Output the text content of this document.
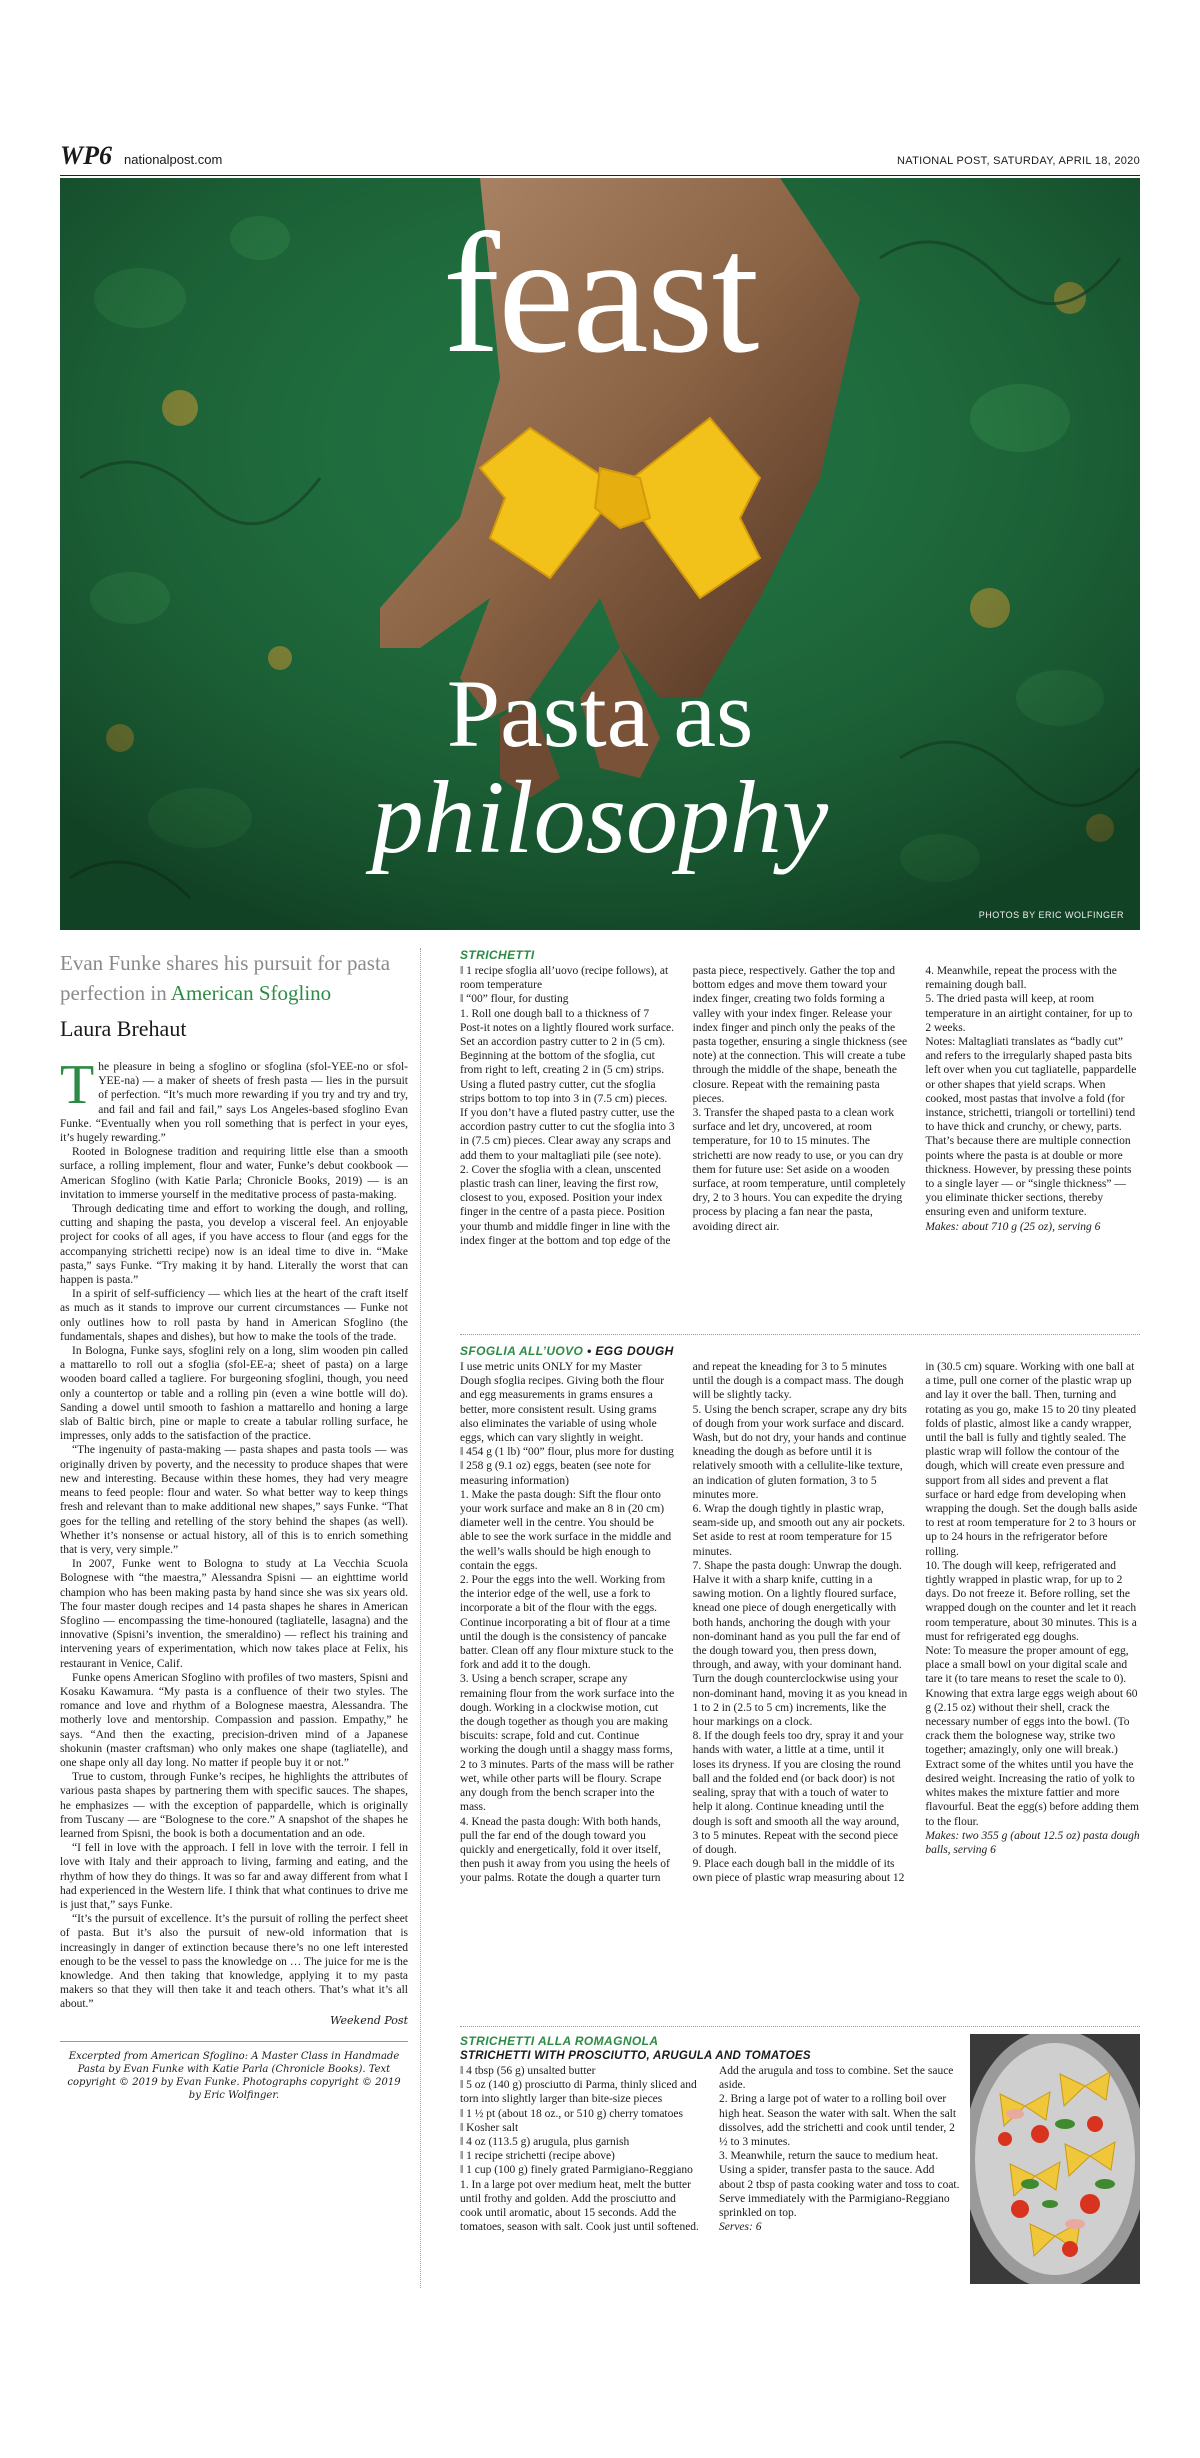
WP6 nationalpost.com	NATIONAL POST, SATURDAY, APRIL 18, 2020
feast
Pasta as
philosophy
PHOTOS BY ERIC WOLFINGER
Evan Funke shares his pursuit for pasta perfection in American Sfoglino
Laura Brehaut

The pleasure in being a sfoglino or sfoglina (sfol-YEE-no or sfol-YEE-na) — a maker of sheets of fresh pasta — lies in the pursuit of perfection. “It’s much more rewarding if you try and try and try, and fail and fail and fail,” says Los Angeles-based sfoglino Evan Funke. “Eventually when you roll something that is perfect in your eyes, it’s hugely rewarding.”

Rooted in Bolognese tradition and requiring little else than a smooth surface, a rolling implement, flour and water, Funke’s debut cookbook — American Sfoglino (with Katie Parla; Chronicle Books, 2019) — is an invitation to immerse yourself in the meditative process of pasta-making.

Through dedicating time and effort to working the dough, and rolling, cutting and shaping the pasta, you develop a visceral feel. An enjoyable project for cooks of all ages, if you have access to flour (and eggs for the accompanying strichetti recipe) now is an ideal time to dive in. “Make pasta,” says Funke. “Try making it by hand. Literally the worst that can happen is pasta.”

In a spirit of self-sufficiency — which lies at the heart of the craft itself as much as it stands to improve our current circumstances — Funke not only outlines how to roll pasta by hand in American Sfoglino (the fundamentals, shapes and dishes), but how to make the tools of the trade.

In Bologna, Funke says, sfoglini rely on a long, slim wooden pin called a mattarello to roll out a sfoglia (sfol-EE-a; sheet of pasta) on a large wooden board called a tagliere. For burgeoning sfoglini, though, you need only a countertop or table and a rolling pin (even a wine bottle will do). Sanding a dowel until smooth to fashion a mattarello and honing a large slab of Baltic birch, pine or maple to create a tabular rolling surface, he impresses, only adds to the satisfaction of the practice.

“The ingenuity of pasta-making — pasta shapes and pasta tools — was originally driven by poverty, and the necessity to produce shapes that were new and interesting. Because within these homes, they had very meagre means to feed people: flour and water. So what better way to keep things fresh and relevant than to make additional new shapes,” says Funke. “That goes for the telling and retelling of the story behind the shapes (as well). Whether it’s nonsense or actual history, all of this is to enrich something that is very, very simple.”

In 2007, Funke went to Bologna to study at La Vecchia Scuola Bolognese with “the maestra,” Alessandra Spisni — an eighttime world champion who has been making pasta by hand since she was six years old. The four master dough recipes and 14 pasta shapes he shares in American Sfoglino — encompassing the time-honoured (tagliatelle, lasagna) and the innovative (Spisni’s invention, the smeraldino) — reflect his training and intervening years of experimentation, which now takes place at Felix, his restaurant in Venice, Calif.

Funke opens American Sfoglino with profiles of two masters, Spisni and Kosaku Kawamura. “My pasta is a confluence of their two styles. The romance and love and rhythm of a Bolognese maestra, Alessandra. The motherly love and mentorship. Compassion and passion. Empathy,” he says. “And then the exacting, precision-driven mind of a Japanese shokunin (master craftsman) who only makes one shape (tagliatelle), and one shape only all day long. No matter if people buy it or not.”

True to custom, through Funke’s recipes, he highlights the attributes of various pasta shapes by partnering them with specific sauces. The shapes, he emphasizes — with the exception of pappardelle, which is originally from Tuscany — are “Bolognese to the core.” A snapshot of the shapes he learned from Spisni, the book is both a documentation and an ode.

“I fell in love with the approach. I fell in love with the terroir. I fell in love with Italy and their approach to living, farming and eating, and the rhythm of how they do things. It was so far and away different from what I had experienced in the Western life. I think that what continues to drive me is just that,” says Funke.

“It’s the pursuit of excellence. It’s the pursuit of rolling the perfect sheet of pasta. But it’s also the pursuit of new-old information that is increasingly in danger of extinction because there’s no one left interested enough to be the vessel to pass the knowledge on … The juice for me is the knowledge. And then taking that knowledge, applying it to my pasta makers so that they will then take it and teach others. That’s what it’s all about.”

Weekend Post
Excerpted from American Sfoglino: A Master Class in Handmade Pasta by Evan Funke with Katie Parla (Chronicle Books). Text copyright © 2019 by Evan Funke. Photographs copyright © 2019 by Eric Wolfinger.
STRICHETTI

‖ 1 recipe sfoglia all’uovo (recipe follows), at room temperature

‖ “00” flour, for dusting

1. Roll one dough ball to a thickness of 7 Post-it notes on a lightly floured work surface. Set an accordion pastry cutter to 2 in (5 cm). Beginning at the bottom of the sfoglia, cut from right to left, creating 2 in (5 cm) strips. Using a fluted pastry cutter, cut the sfoglia strips bottom to top into 3 in (7.5 cm) pieces. If you don’t have a fluted pastry cutter, use the accordion pastry cutter to cut the sfoglia into 3 in (7.5 cm) pieces. Clear away any scraps and add them to your maltagliati pile (see note).

2. Cover the sfoglia with a clean, unscented plastic trash can liner, leaving the first row, closest to you, exposed. Position your index finger in the centre of a pasta piece. Position your thumb and middle finger in line with the index finger at the bottom and top edge of the pasta piece, respectively. Gather the top and bottom edges and move them toward your index finger, creating two folds forming a valley with your index finger. Release your index finger and pinch only the peaks of the pasta together, ensuring a single thickness (see note) at the connection. This will create a tube through the middle of the shape, beneath the closure. Repeat with the remaining pasta pieces.

3. Transfer the shaped pasta to a clean work surface and let dry, uncovered, at room temperature, for 10 to 15 minutes. The strichetti are now ready to use, or you can dry them for future use: Set aside on a wooden surface, at room temperature, until completely dry, 2 to 3 hours. You can expedite the drying process by placing a fan near the pasta, avoiding direct air.

4. Meanwhile, repeat the process with the remaining dough ball.

5. The dried pasta will keep, at room temperature in an airtight container, for up to 2 weeks.

Notes: Maltagliati translates as “badly cut” and refers to the irregularly shaped pasta bits left over when you cut tagliatelle, pappardelle or other shapes that yield scraps. When cooked, most pastas that involve a fold (for instance, strichetti, triangoli or tortellini) tend to have thick and crunchy, or chewy, parts. That’s because there are multiple connection points where the pasta is at double or more thickness. However, by pressing these points to a single layer — or “single thickness” — you eliminate thicker sections, thereby ensuring even and uniform texture.

Makes: about 710 g (25 oz), serving 6

SFOGLIA ALL’UOVO • EGG DOUGH

I use metric units ONLY for my Master Dough sfoglia recipes. Giving both the flour and egg measurements in grams ensures a better, more consistent result. Using grams also eliminates the variable of using whole eggs, which can vary slightly in weight.

‖ 454 g (1 lb) “00” flour, plus more for dusting

‖ 258 g (9.1 oz) eggs, beaten (see note for measuring information)

1. Make the pasta dough: Sift the flour onto your work surface and make an 8 in (20 cm) diameter well in the centre. You should be able to see the work surface in the middle and the well’s walls should be high enough to contain the eggs.

2. Pour the eggs into the well. Working from the interior edge of the well, use a fork to incorporate a bit of the flour with the eggs. Continue incorporating a bit of flour at a time until the dough is the consistency of pancake batter. Clean off any flour mixture stuck to the fork and add it to the dough.

3. Using a bench scraper, scrape any remaining flour from the work surface into the dough. Working in a clockwise motion, cut the dough together as though you are making biscuits: scrape, fold and cut. Continue working the dough until a shaggy mass forms, 2 to 3 minutes. Parts of the mass will be rather wet, while other parts will be floury. Scrape any dough from the bench scraper into the mass.

4. Knead the pasta dough: With both hands, pull the far end of the dough toward you quickly and energetically, fold it over itself, then push it away from you using the heels of your palms. Rotate the dough a quarter turn and repeat the kneading for 3 to 5 minutes until the dough is a compact mass. The dough will be slightly tacky.

5. Using the bench scraper, scrape any dry bits of dough from your work surface and discard. Wash, but do not dry, your hands and continue kneading the dough as before until it is relatively smooth with a cellulite-like texture, an indication of gluten formation, 3 to 5 minutes more.

6. Wrap the dough tightly in plastic wrap, seam-side up, and smooth out any air pockets. Set aside to rest at room temperature for 15 minutes.

7. Shape the pasta dough: Unwrap the dough. Halve it with a sharp knife, cutting in a sawing motion. On a lightly floured surface, knead one piece of dough energetically with both hands, anchoring the dough with your non-dominant hand as you pull the far end of the dough toward you, then press down, through, and away, with your dominant hand. Turn the dough counterclockwise using your non-dominant hand, moving it as you knead in 1 to 2 in (2.5 to 5 cm) increments, like the hour markings on a clock.

8. If the dough feels too dry, spray it and your hands with water, a little at a time, until it loses its dryness. If you are closing the round ball and the folded end (or back door) is not sealing, spray that with a touch of water to help it along. Continue kneading until the dough is soft and smooth all the way around, 3 to 5 minutes. Repeat with the second piece of dough.

9. Place each dough ball in the middle of its own piece of plastic wrap measuring about 12 in (30.5 cm) square. Working with one ball at a time, pull one corner of the plastic wrap up and lay it over the ball. Then, turning and rotating as you go, make 15 to 20 tiny pleated folds of plastic, almost like a candy wrapper, until the ball is fully and tightly sealed. The plastic wrap will follow the contour of the dough, which will create even pressure and support from all sides and prevent a flat surface or hard edge from developing when wrapping the dough. Set the dough balls aside to rest at room temperature for 2 to 3 hours or up to 24 hours in the refrigerator before rolling.

10. The dough will keep, refrigerated and tightly wrapped in plastic wrap, for up to 2 days. Do not freeze it. Before rolling, set the wrapped dough on the counter and let it reach room temperature, about 30 minutes. This is a must for refrigerated egg doughs.

Note: To measure the proper amount of egg, place a small bowl on your digital scale and tare it (to tare means to reset the scale to 0). Knowing that extra large eggs weigh about 60 g (2.15 oz) without their shell, crack the necessary number of eggs into the bowl. (To crack them the bolognese way, strike two together; amazingly, only one will break.) Extract some of the whites until you have the desired weight. Increasing the ratio of yolk to whites makes the mixture fattier and more flavourful. Beat the egg(s) before adding them to the flour.

Makes: two 355 g (about 12.5 oz) pasta dough balls, serving 6

STRICHETTI ALLA ROMAGNOLA
STRICHETTI WITH PROSCIUTTO, ARUGULA AND TOMATOES

‖ 4 tbsp (56 g) unsalted butter

‖ 5 oz (140 g) prosciutto di Parma, thinly sliced and torn into slightly larger than bite-size pieces

‖ 1 ½ pt (about 18 oz., or 510 g) cherry tomatoes

‖ Kosher salt

‖ 4 oz (113.5 g) arugula, plus garnish

‖ 1 recipe strichetti (recipe above)

‖ 1 cup (100 g) finely grated Parmigiano-Reggiano

1. In a large pot over medium heat, melt the butter until frothy and golden. Add the prosciutto and cook until aromatic, about 15 seconds. Add the tomatoes, season with salt. Cook just until softened. Add the arugula and toss to combine. Set the sauce aside.

2. Bring a large pot of water to a rolling boil over high heat. Season the water with salt. When the salt dissolves, add the strichetti and cook until tender, 2 ½ to 3 minutes.

3. Meanwhile, return the sauce to medium heat. Using a spider, transfer pasta to the sauce. Add about 2 tbsp of pasta cooking water and toss to coat. Serve immediately with the Parmigiano-Reggiano sprinkled on top.

Serves: 6
